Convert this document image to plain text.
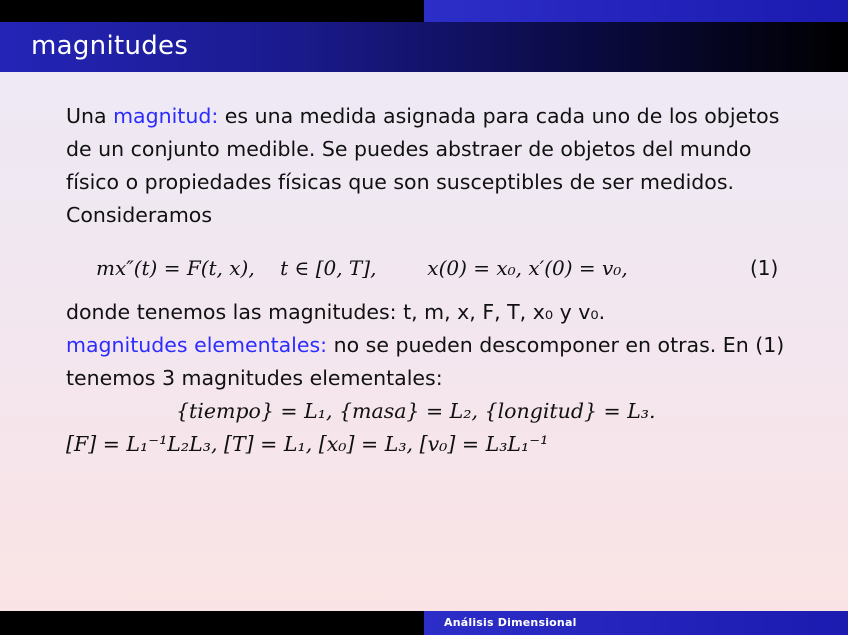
magnitudes

Una magnitud: es una medida asignada para cada uno de los objetos de un conjunto medible. Se puedes abstraer de objetos del mundo físico o propiedades físicas que son susceptibles de ser medidos. Consideramos

mx″(t) = F(t, x),    t ∈ [0, T],        x(0) = x₀, x′(0) = v₀,	(1)

donde tenemos las magnitudes: t, m, x, F, T, x₀ y v₀.

magnitudes elementales: no se pueden descomponer en otras. En (1) tenemos 3 magnitudes elementales:

{tiempo} = L₁, {masa} = L₂, {longitud} = L₃.
[F] = L₁⁻¹L₂L₃, [T] = L₁, [x₀] = L₃, [v₀] = L₃L₁⁻¹
Análisis Dimensional
